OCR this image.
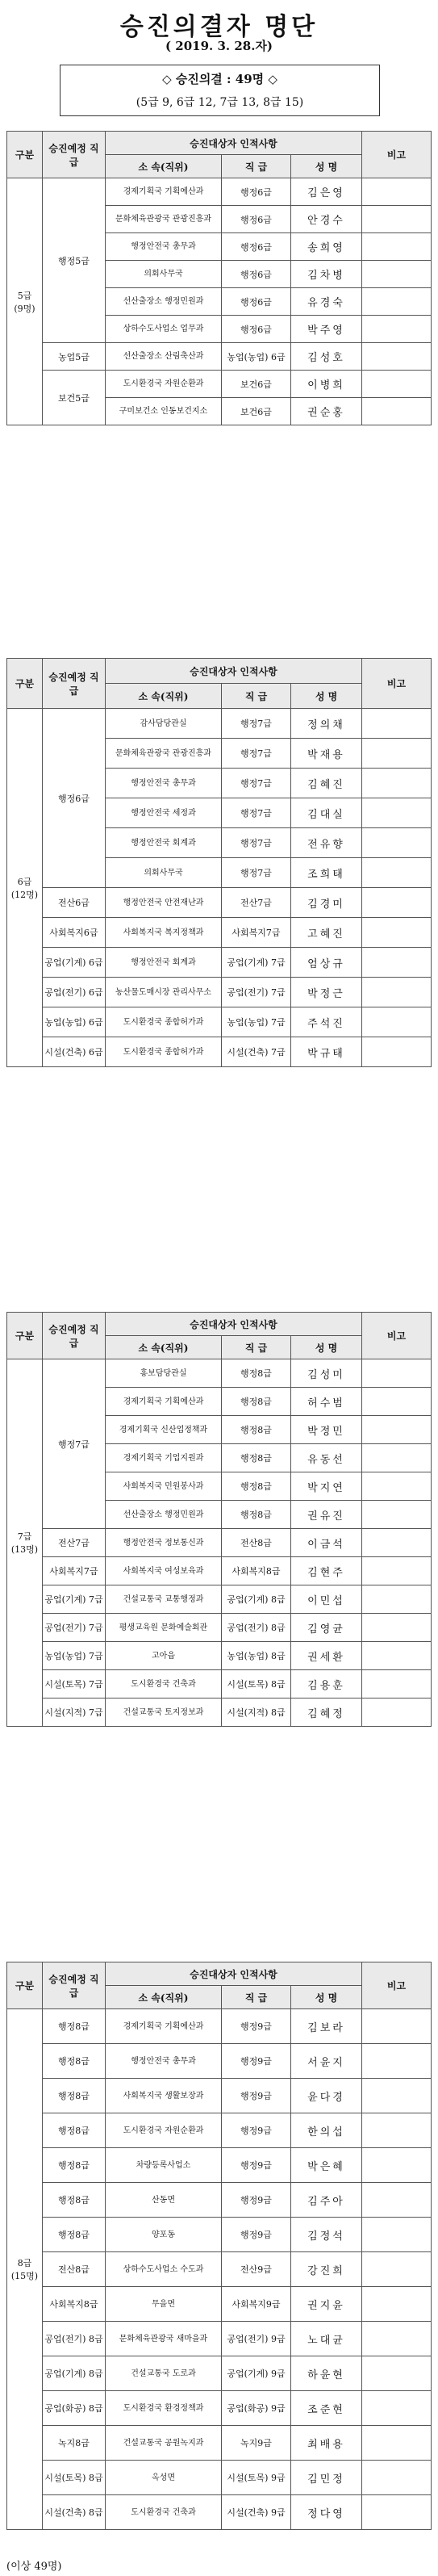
승진의결자 명단
( 2019. 3. 28.자)
◇ 승진의결 : 49명 ◇
(5급 9, 6급 12, 7급 13, 8급 15)
구분	승진예정 직 급	승진대상자 인적사항			비고
		소 속(직위)	직 급	성 명	
5급
(9명)	행정5급	경제기획국 기획예산과	행정6급	김은영	
		문화체육관광국 관광진흥과	행정6급	안경수	
		행정안전국 총무과	행정6급	송희영	
		의회사무국	행정6급	김차병	
		선산출장소 행정민원과	행정6급	유경숙	
		상하수도사업소 업무과	행정6급	박주영	
	농업5급	선산출장소 산림축산과	농업(농업) 6급	김성호	
	보건5급	도시환경국 자원순환과	보건6급	이병희	
		구미보건소 인동보건지소	보건6급	권순홍	
구분	승진예정 직 급	승진대상자 인적사항			비고
		소 속(직위)	직 급	성 명	
6급
(12명)	행정6급	감사담당관실	행정7급	정의채	
		문화체육관광국 관광진흥과	행정7급	박재용	
		행정안전국 총무과	행정7급	김혜진	
		행정안전국 세정과	행정7급	김대실	
		행정안전국 회계과	행정7급	전유향	
		의회사무국	행정7급	조희태	
	전산6급	행정안전국 안전재난과	전산7급	김경미	
	사회복지6급	사회복지국 복지정책과	사회복지7급	고혜진	
	공업(기계) 6급	행정안전국 회계과	공업(기계) 7급	엄상규	
	공업(전기) 6급	농산물도매시장 관리사무소	공업(전기) 7급	박정근	
	농업(농업) 6급	도시환경국 종합허가과	농업(농업) 7급	주석진	
	시설(건축) 6급	도시환경국 종합허가과	시설(건축) 7급	박규태	
구분	승진예정 직 급	승진대상자 인적사항			비고
		소 속(직위)	직 급	성 명	
7급
(13명)	행정7급	홍보담당관실	행정8급	김성미	
		경제기획국 기획예산과	행정8급	허수범	
		경제기획국 신산업정책과	행정8급	박정민	
		경제기획국 기업지원과	행정8급	유동선	
		사회복지국 민원봉사과	행정8급	박지연	
		선산출장소 행정민원과	행정8급	권유진	
	전산7급	행정안전국 정보통신과	전산8급	이금석	
	사회복지7급	사회복지국 여성보육과	사회복지8급	김현주	
	공업(기계) 7급	건설교통국 교통행정과	공업(기계) 8급	이민섭	
	공업(전기) 7급	평생교육원 문화예술회관	공업(전기) 8급	김영균	
	농업(농업) 7급	고아읍	농업(농업) 8급	권세환	
	시설(토목) 7급	도시환경국 건축과	시설(토목) 8급	김용훈	
	시설(지적) 7급	건설교통국 토지정보과	시설(지적) 8급	김혜정	
구분	승진예정 직 급	승진대상자 인적사항			비고
		소 속(직위)	직 급	성 명	
8급
(15명)	행정8급	경제기획국 기획예산과	행정9급	김보라	
	행정8급	행정안전국 총무과	행정9급	서윤지	
	행정8급	사회복지국 생활보장과	행정9급	윤다경	
	행정8급	도시환경국 자원순환과	행정9급	한의섭	
	행정8급	차량등록사업소	행정9급	박은혜	
	행정8급	산동면	행정9급	김주아	
	행정8급	양포동	행정9급	김정석	
	전산8급	상하수도사업소 수도과	전산9급	강진희	
	사회복지8급	무을면	사회복지9급	권지윤	
	공업(전기) 8급	문화체육관광국 새마을과	공업(전기) 9급	노대균	
	공업(기계) 8급	건설교통국 도로과	공업(기계) 9급	하윤현	
	공업(화공) 8급	도시환경국 환경정책과	공업(화공) 9급	조준현	
	녹지8급	건설교통국 공원녹지과	녹지9급	최배용	
	시설(토목) 8급	옥성면	시설(토목) 9급	김민정	
	시설(건축) 8급	도시환경국 건축과	시설(건축) 9급	정다영	
(이상 49명)
